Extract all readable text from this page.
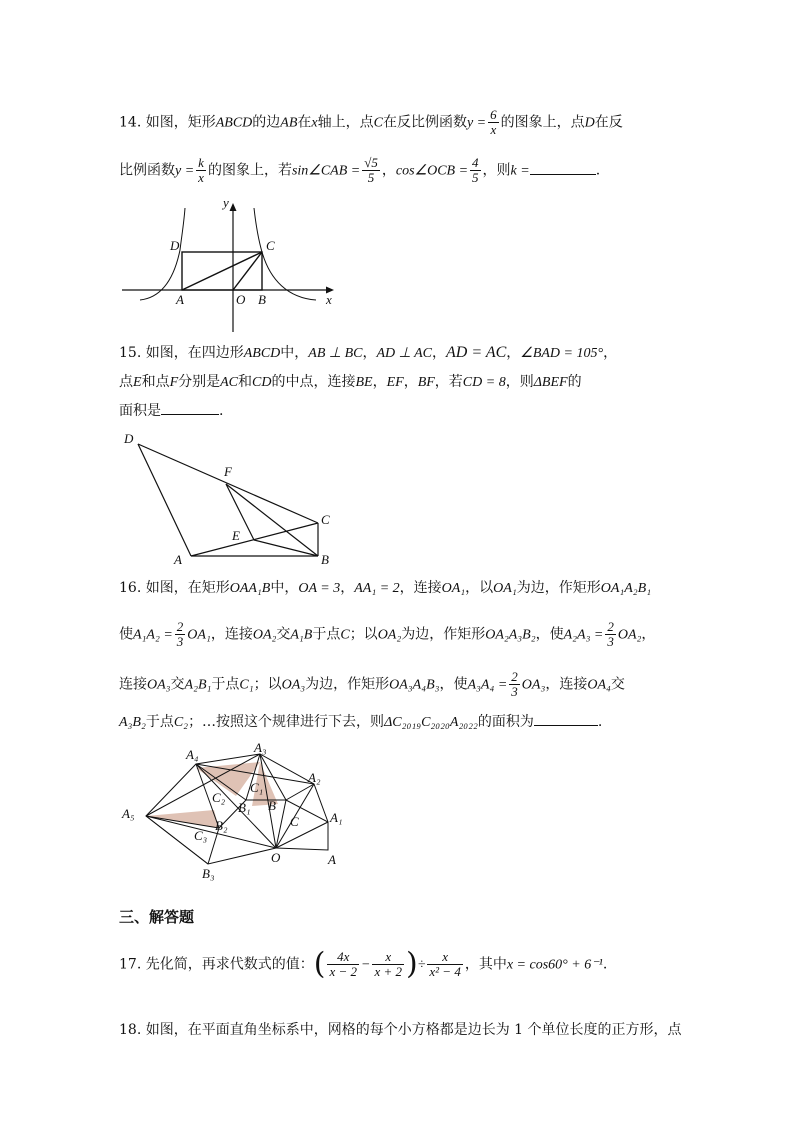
14. 如图，矩形ABCD的边AB在x轴上，点C在反比例函数$y = \frac{6}{x}$ 的图象上，点D在反
比例函数$y = \frac{k}{x}$ 的图象上，若sin∠CAB = $\frac{√5}{5}$ ，cos∠OCB = $\frac{4}{5}$ ，则k =	.
y
x
D	C
A	O B
15. 如图，在四边形ABCD中，AB ⊥ BC，AD ⊥ AC，AD = AC，∠BAD = 105°，
点E和点F分别是AC和CD的中点，连接BE，EF，BF，若CD = 8，则ΔBEF的
面积是	.
D
F
C
E
A	B
16. 如图，在矩形OAA₁B中，OA = 3，AA₁ = 2，连接OA₁，以OA₁为边，作矩形OA₁A₂B₁
使$A_1A_2 = \frac{2}{3} OA_1$，连接OA₂交A₁B于点C；以OA₂为边，作矩形OA₂A₃B₂，使$A_2A_3 = \frac{2}{3} OA_2$，
连接OA₃交A₂B₁于点C₁；以OA₃为边，作矩形OA₃A₄B₃，使$A_3A_4 = \frac{2}{3} OA_3$，连接OA₄交
A₃B₂于点C₂；…按照这个规律进行下去，则ΔC₂₀₁₉C₂₀₂₀A₂₀₂₂的面积为	.
A₄	A₃
A₂
A₁
A₅
A
O
B₃
B₂
B₁ B
C
C₁
C₂
C₃
三、解答题
17. 先化简，再求代数式的值：( $\frac{4x}{x - 2} - \frac{x}{x + 2}$ )÷ $\frac{x}{\text{x² − 4}}$ ，其中x = cos60° + 6⁻¹.
18. 如图，在平面直角坐标系中，网格的每个小方格都是边长为 1 个单位长度的正方形，点
